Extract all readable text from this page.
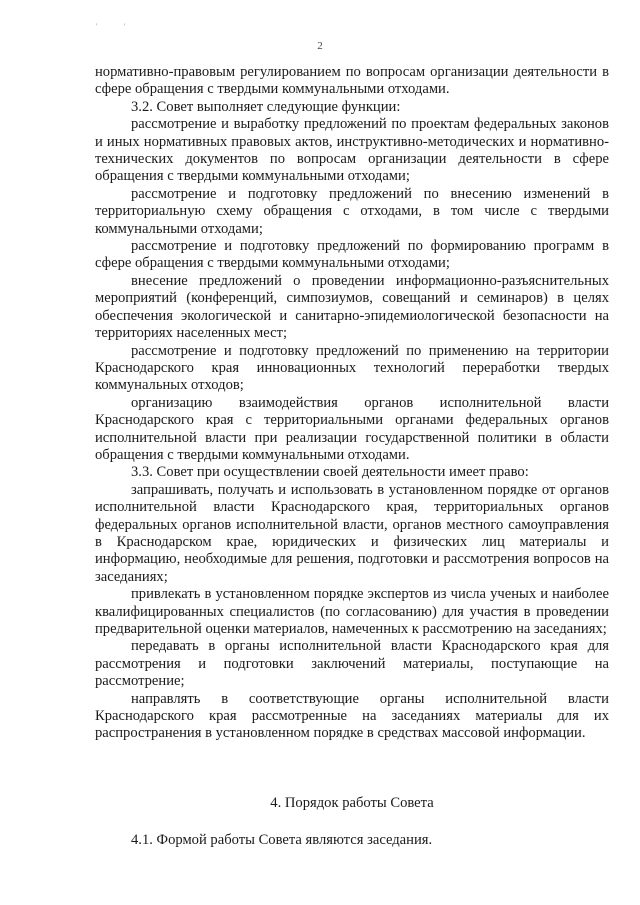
'	'
2

нормативно-правовым регулированием по вопросам организации деятельности в сфере обращения с твердыми коммунальными отходами.

3.2. Совет выполняет следующие функции:

рассмотрение и выработку предложений по проектам федеральных законов и иных нормативных правовых актов, инструктивно-методических и нормативно-технических документов по вопросам организации деятельности в сфере обращения с твердыми коммунальными отходами;

рассмотрение и подготовку предложений по внесению изменений в территориальную схему обращения с отходами, в том числе с твердыми коммунальными отходами;

рассмотрение и подготовку предложений по формированию программ в сфере обращения с твердыми коммунальными отходами;

внесение предложений о проведении информационно-разъяснительных мероприятий (конференций, симпозиумов, совещаний и семинаров) в целях обеспечения экологической и санитарно-эпидемиологической безопасности на территориях населенных мест;

рассмотрение и подготовку предложений по применению на территории Краснодарского края инновационных технологий переработки твердых коммунальных отходов;

организацию взаимодействия органов исполнительной власти Краснодарского края с территориальными органами федеральных органов исполнительной власти при реализации государственной политики в области обращения с твердыми коммунальными отходами.

3.3. Совет при осуществлении своей деятельности имеет право:

запрашивать, получать и использовать в установленном порядке от органов исполнительной власти Краснодарского края, территориальных органов федеральных органов исполнительной власти, органов местного самоуправления в Краснодарском крае, юридических и физических лиц материалы и информацию, необходимые для решения, подготовки и рассмотрения вопросов на заседаниях;

привлекать в установленном порядке экспертов из числа ученых и наиболее квалифицированных специалистов (по согласованию) для участия в проведении предварительной оценки материалов, намеченных к рассмотрению на заседаниях;

передавать в органы исполнительной власти Краснодарского края для рассмотрения и подготовки заключений материалы, поступающие на рассмотрение;

направлять в соответствующие органы исполнительной власти Краснодарского края рассмотренные на заседаниях материалы для их распространения в установленном порядке в средствах массовой информации.

4. Порядок работы Совета
4.1. Формой работы Совета являются заседания.
